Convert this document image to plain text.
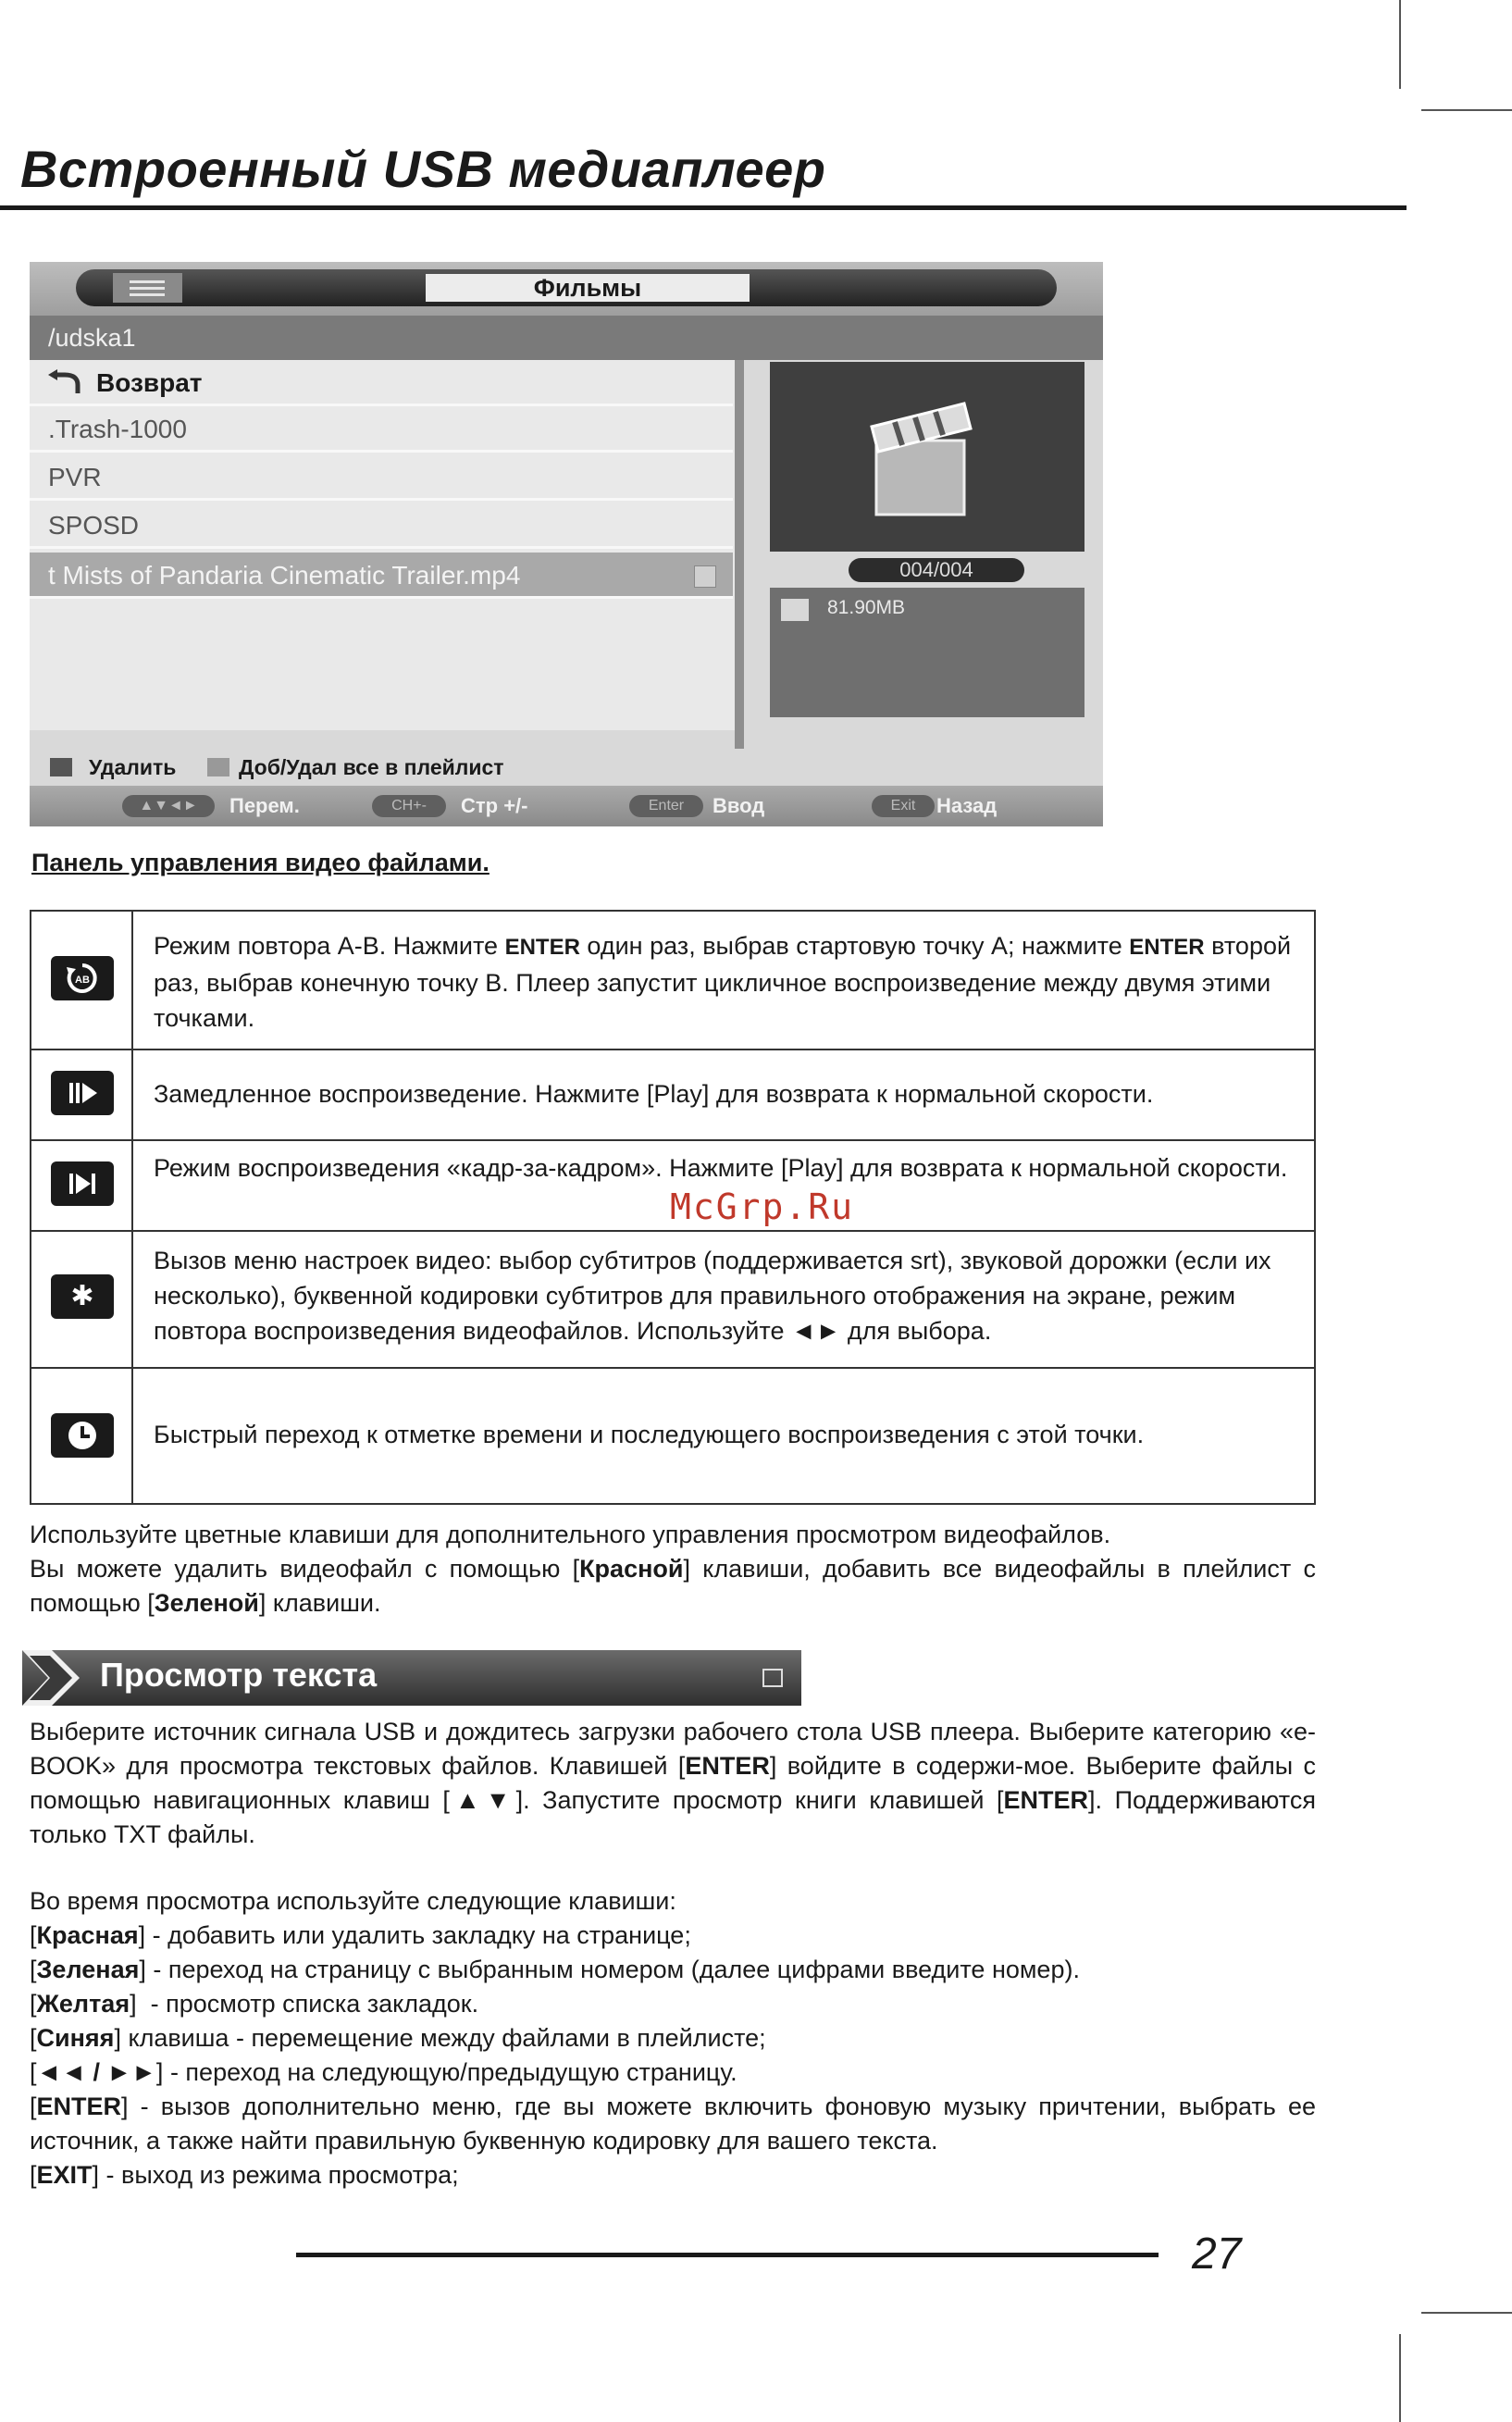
Встроенный USB медиаплеер
Фильмы
/udska1
Возврат
.Trash-1000
PVR
SPOSD
t Mists of Pandaria Cinematic Trailer.mp4	004/004
81.90MB
Удалить	Доб/Удал все в плейлист
▲▼◄►	Перем.	CH+-	Стр +/-	Enter	Ввод	Exit	Назад
Панель управления видео файлами.
AB
Режим повтора A-B. Нажмите ENTER один раз, выбрав стартовую точку A; нажмите ENTER второй раз, выбрав конечную точку B. Плеер запустит цикличное воспроизведение между двумя этими точками.
Замедленное воспроизведение. Нажмите [Play] для возврата к нормальной скорости.
Режим воспроизведения «кадр-за-кадром». Нажмите [Play] для возврата к нормальной скорости.
✱
Вызов меню настроек видео: выбор субтитров (поддерживается srt), звуковой дорожки (если их несколько), буквенной кодировки субтитров для правильного отображения на экране, режим повтора воспроизведения видеофайлов. Используйте ◄► для выбора.
Быстрый переход к отметке времени и последующего воспроизведения с этой точки.
McGrp.Ru
Используйте цветные клавиши для дополнительного управления просмотром видеофайлов.
Вы можете удалить видеофайл с помощью [Красной] клавиши, добавить все видеофайлы в плейлист с помощью [Зеленой] клавиши.
Просмотр текста
Выберите источник сигнала USB и дождитесь загрузки рабочего стола USB плеера. Выберите категорию «e-BOOK» для просмотра текстовых файлов. Клавишей [ENTER] войдите в содержи-мое. Выберите файлы с помощью навигационных клавиш [▲▼]. Запустите просмотр книги клавишей [ENTER]. Поддерживаются только TXT файлы.
Во время просмотра используйте следующие клавиши:
[Красная] - добавить или удалить закладку на странице;
[Зеленая] - переход на страницу с выбранным номером (далее цифрами введите номер).
[Желтая]  - просмотр списка закладок.
[Синяя] клавиша - перемещение между файлами в плейлисте;
[◄◄ / ►►] - переход на следующую/предыдущую страницу.
[ENTER] - вызов дополнительно меню, где вы можете включить фоновую музыку причтении, выбрать ее источник, а также найти правильную буквенную кодировку для вашего текста.
[EXIT] - выход из режима просмотра;
27
